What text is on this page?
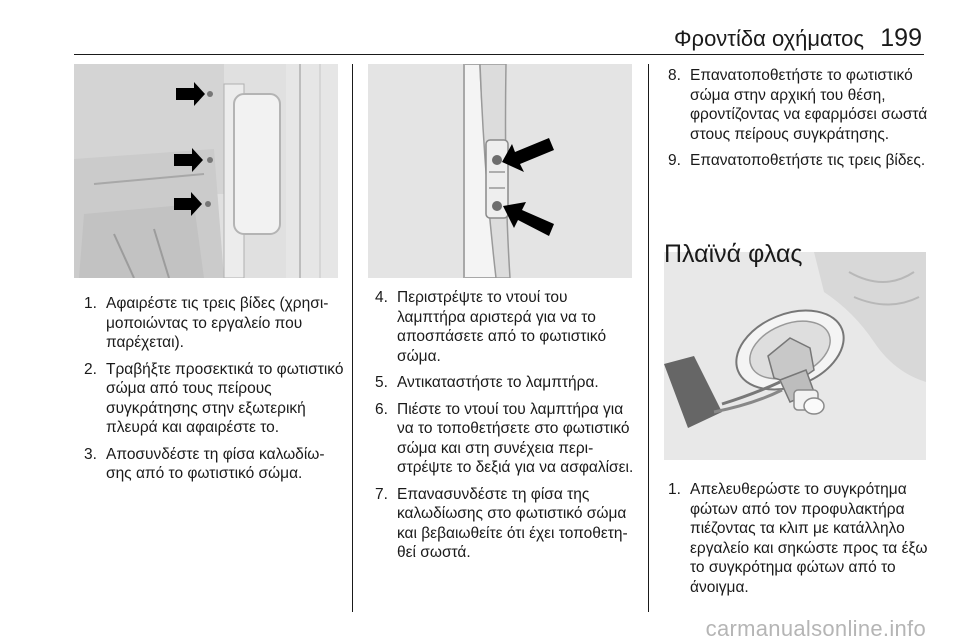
Φροντίδα οχήματος 199
1. Αφαιρέστε τις τρεις βίδες (χρησιμοποιώντας το εργαλείο που παρέχεται).
2. Τραβήξτε προσεκτικά το φωτιστικό σώμα από τους πείρους συγκράτησης στην εξωτερική πλευρά και αφαιρέστε το.
3. Αποσυνδέστε τη φίσα καλωδίωσης από το φωτιστικό σώμα.
4. Περιστρέψτε το ντουί του λαμπτήρα αριστερά για να το αποσπάσετε από το φωτιστικό σώμα.
5. Αντικαταστήστε το λαμπτήρα.
6. Πιέστε το ντουί του λαμπτήρα για να το τοποθετήσετε στο φωτιστικό σώμα και στη συνέχεια περιστρέψτε το δεξιά για να ασφαλίσει.
7. Επανασυνδέστε τη φίσα της καλωδίωσης στο φωτιστικό σώμα και βεβαιωθείτε ότι έχει τοποθετηθεί σωστά.
8. Επανατοποθετήστε το φωτιστικό σώμα στην αρχική του θέση, φροντίζοντας να εφαρμόσει σωστά στους πείρους συγκράτησης.
9. Επανατοποθετήστε τις τρεις βίδες.
Πλαϊνά φλας
1. Απελευθερώστε το συγκρότημα φώτων από τον προφυλακτήρα πιέζοντας τα κλιπ με κατάλληλο εργαλείο και σηκώστε προς τα έξω το συγκρότημα φώτων από το άνοιγμα.
carmanualsonline.info
